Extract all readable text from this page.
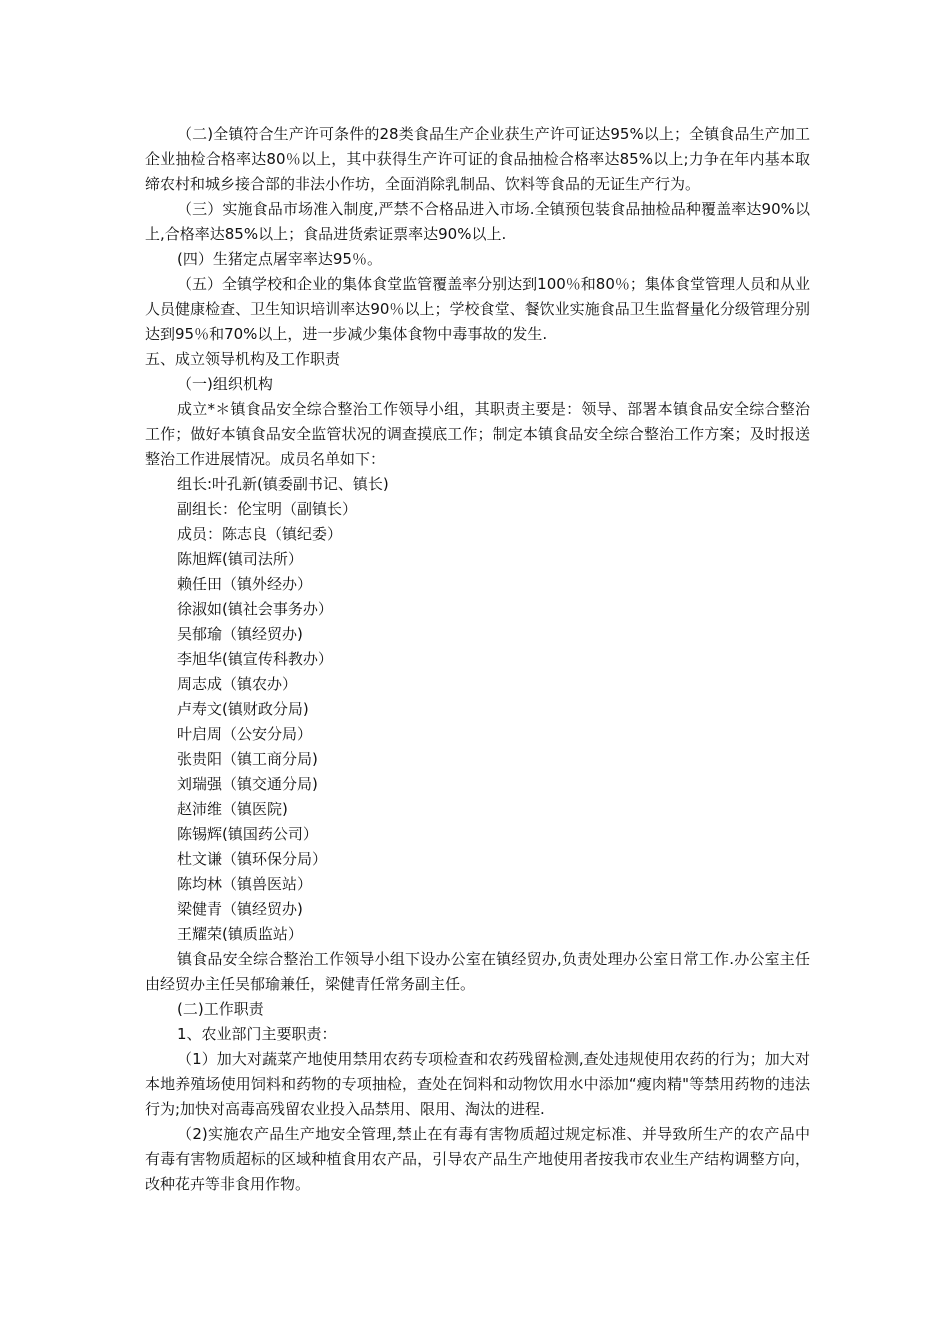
（二)全镇符合生产许可条件的28类食品生产企业获生产许可证达95%以上；全镇食品生产加工企业抽检合格率达80％以上，其中获得生产许可证的食品抽检合格率达85%以上;力争在年内基本取缔农村和城乡接合部的非法小作坊，全面消除乳制品、饮料等食品的无证生产行为。

（三）实施食品市场准入制度,严禁不合格品进入市场.全镇预包装食品抽检品种覆盖率达90%以上,合格率达85%以上；食品进货索证票率达90%以上.

(四）生猪定点屠宰率达95％。

（五）全镇学校和企业的集体食堂监管覆盖率分别达到100％和80％；集体食堂管理人员和从业人员健康检查、卫生知识培训率达90％以上；学校食堂、餐饮业实施食品卫生监督量化分级管理分别达到95％和70%以上，进一步减少集体食物中毒事故的发生.

五、成立领导机构及工作职责

（一)组织机构

成立*＊镇食品安全综合整治工作领导小组，其职责主要是：领导、部署本镇食品安全综合整治工作；做好本镇食品安全监管状况的调查摸底工作；制定本镇食品安全综合整治工作方案；及时报送整治工作进展情况。成员名单如下：

组长:叶孔新(镇委副书记、镇长)
副组长：伦宝明（副镇长）
成员：陈志良（镇纪委）
陈旭辉(镇司法所）
赖任田（镇外经办）
徐淑如(镇社会事务办）
吴郁瑜（镇经贸办)
李旭华(镇宣传科教办）
周志成（镇农办）
卢寿文(镇财政分局)
叶启周（公安分局）
张贵阳（镇工商分局)
刘瑞强（镇交通分局)
赵沛维（镇医院)
陈锡辉(镇国药公司）
杜文谦（镇环保分局）
陈均林（镇兽医站）
梁健青（镇经贸办)
王耀荣(镇质监站）

镇食品安全综合整治工作领导小组下设办公室在镇经贸办,负责处理办公室日常工作.办公室主任由经贸办主任吴郁瑜兼任，梁健青任常务副主任。

(二)工作职责

1、农业部门主要职责：

（1）加大对蔬菜产地使用禁用农药专项检查和农药残留检测,查处违规使用农药的行为；加大对本地养殖场使用饲料和药物的专项抽检，查处在饲料和动物饮用水中添加“瘦肉精"等禁用药物的违法行为;加快对高毒高残留农业投入品禁用、限用、淘汰的进程.

（2)实施农产品生产地安全管理,禁止在有毒有害物质超过规定标准、并导致所生产的农产品中有毒有害物质超标的区域种植食用农产品，引导农产品生产地使用者按我市农业生产结构调整方向，改种花卉等非食用作物。
